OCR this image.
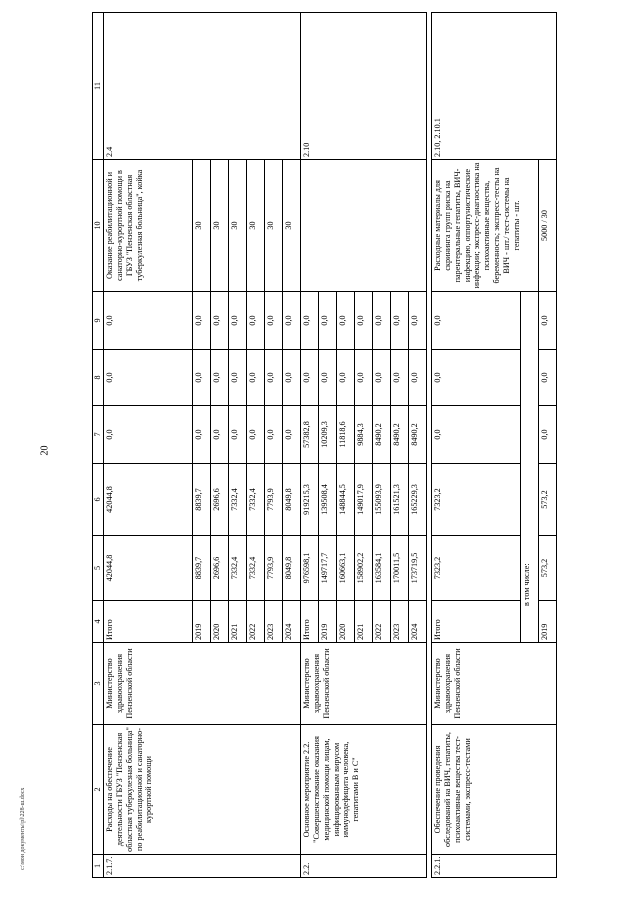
20
c:\мои документы\pl\228-ш.docx	1	2	3	4	5	6	7	8	9	10	11
2.1.7.	Расходы на обеспечение деятельности ГБУЗ "Пензенская областная туберкулезная больница" по реабилитационной и санаторно-курортной помощи	Министерство здравоохранения Пензенской области	Итого	42044,8	42044,8	0,0	0,0	0,0	Оказание реабилитационной и санаторно-курортной помощи в ГБУЗ "Пензенская областная туберкулезная больница", койка	2.4
			2019	8839,7	8839,7	0,0	0,0	0,0	30	
			2020	2696,6	2696,6	0,0	0,0	0,0	30	
			2021	7332,4	7332,4	0,0	0,0	0,0	30	
			2022	7332,4	7332,4	0,0	0,0	0,0	30	
			2023	7793,9	7793,9	0,0	0,0	0,0	30	
			2024	8049,8	8049,8	0,0	0,0	0,0	30	
2.2.	Основное мероприятие 2.2. "Совершенствование оказания медицинской помощи лицам, инфицированным вирусом иммунодефицита человека, гепатитами B и C"	Министерство здравоохранения Пензенской области	Итого	976598,1	919215,3	57382,8	0,0	0,0		2.10
			2019	149717,7	139508,4	10209,3	0,0	0,0		
			2020	160663,1	148844,5	11818,6	0,0	0,0		
			2021	158902,2	149017,9	9884,3	0,0	0,0		
			2022	163584,1	155093,9	8490,2	0,0	0,0		
			2023	170011,5	161521,3	8490,2	0,0	0,0		
			2024	173719,5	165229,3	8490,2	0,0	0,0		

2.2.1.	Обеспечение проведения обследований на ВИЧ, гепатиты, психоактивные вещества тест-системами, экспресс-тестами	Министерство здравоохранения Пензенской области	Итого	7323,2	7323,2	0,0	0,0	0,0	Расходные материалы для скрининга групп риска на парентеральные гепатиты, ВИЧ-инфекцию, оппортунистические инфекции; экспресс-диагностика на психоактивные вещества, беременность; экспресс-тесты на ВИЧ - шт./ тест-системы на гепатиты - шт.	2.10, 2.10.1
			в том числе:							
			2019	573,2	573,2	0,0	0,0	0,0	5000 / 30	
